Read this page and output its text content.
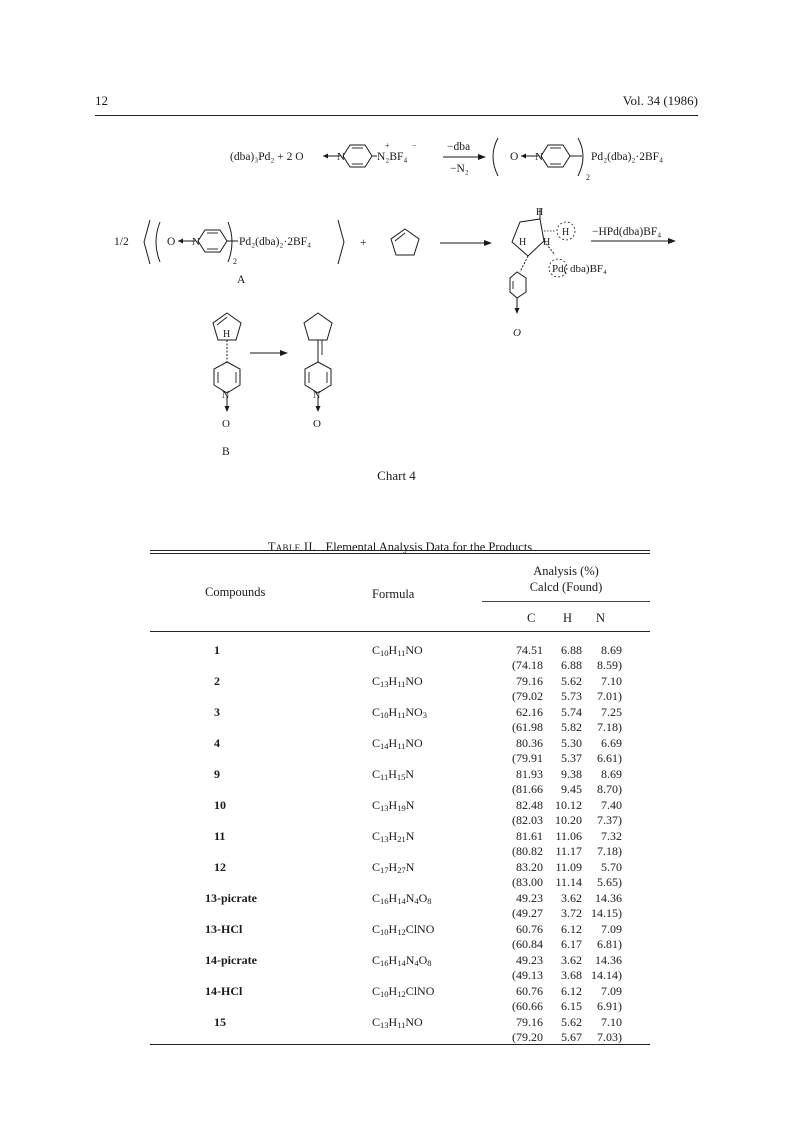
12	Vol. 34 (1986)
(dba)₃Pd₂ + 2 O	N	N₂BF₄
+	−	−dba
−N₂
O N
2
Pd₂(dba)₂·2BF₄
1/2	O N
2
Pd₂(dba)₂·2BF₄
A
+
H
H
H H
Pd( dba)BF₄
O
−HPd(dba)BF₄
H
N
O
B
N
O
Chart 4
Table II. Elemental Analysis Data for the Products
Compounds	Formula
Analysis (%)
Calcd (Found)
C H N
1	$C_{10}H_{11}NO$	74.51	6.88	8.69
(74.18	6.88	8.59)
2	$C_{13}H_{11}NO$	79.16	5.62	7.10
(79.02	5.73	7.01)
3	$C_{10}H_{11}NO_3$	62.16	5.74	7.25
(61.98	5.82	7.18)
4	$C_{14}H_{11}NO$	80.36	5.30	6.69
(79.91	5.37	6.61)
9	$C_{11}H_{15}N$	81.93	9.38	8.69
(81.66	9.45	8.70)
10	$C_{13}H_{19}N$	82.48	10.12	7.40
(82.03	10.20	7.37)
11	$C_{13}H_{21}N$	81.61	11.06	7.32
(80.82	11.17	7.18)
12	$C_{17}H_{27}N$	83.20	11.09	5.70
(83.00	11.14	5.65)
13-picrate	$C_{16}H_{14}N_4O_8$	49.23	3.62	14.36
(49.27	3.72 14.15)
13-HCl	$C_{10}H_{12}ClNO$	60.76	6.12	7.09
(60.84	6.17	6.81)
14-picrate	$C_{16}H_{14}N_4O_8$	49.23	3.62	14.36
(49.13	3.68 14.14)
14-HCl	$C_{10}H_{12}ClNO$	60.76	6.12	7.09
(60.66	6.15	6.91)
15	$C_{13}H_{11}NO$	79.16	5.62	7.10
(79.20	5.67	7.03)
